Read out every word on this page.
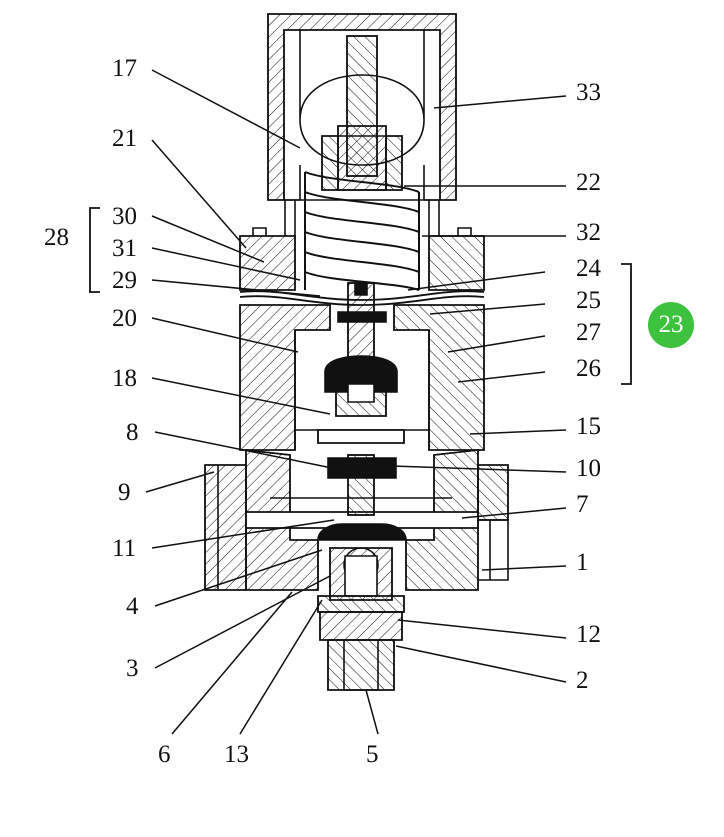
17
21
30
31
29
20
18
8
9
11
4
3
6 13	5
33
22
32
24
25
27
26
15
10
7
1
12
2
28
23
